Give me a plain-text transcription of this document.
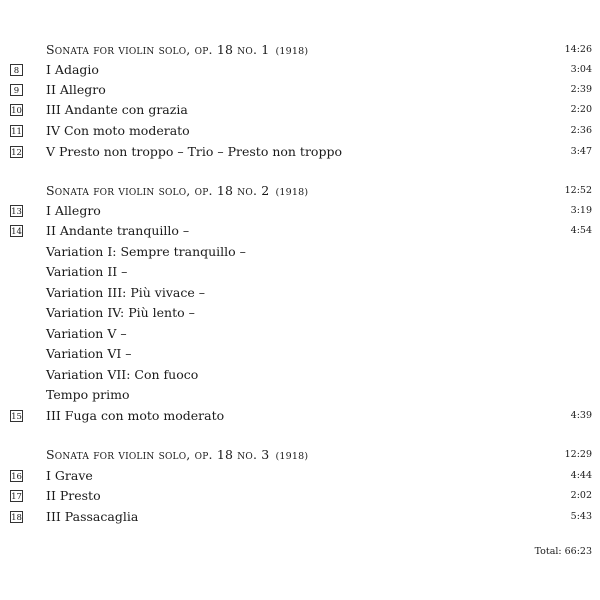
Sonata for violin solo, op. 18 no. 1 (1918)	14:26
8	I Adagio	3:04
9	II Allegro	2:39
10 III Andante con grazia	2:20
11 IV Con moto moderato	2:36
12 V Presto non troppo – Trio – Presto non troppo	3:47
Sonata for violin solo, op. 18 no. 2 (1918)	12:52
13 I Allegro	3:19
14 II Andante tranquillo –	4:54
Variation I: Sempre tranquillo –
Variation II –
Variation III: Più vivace –
Variation IV: Più lento –
Variation V –
Variation VI –
Variation VII: Con fuoco
Tempo primo
15 III Fuga con moto moderato	4:39
Sonata for violin solo, op. 18 no. 3 (1918)	12:29
16 I Grave	4:44
17 II Presto	2:02
18 III Passacaglia	5:43
Total: 66:23
